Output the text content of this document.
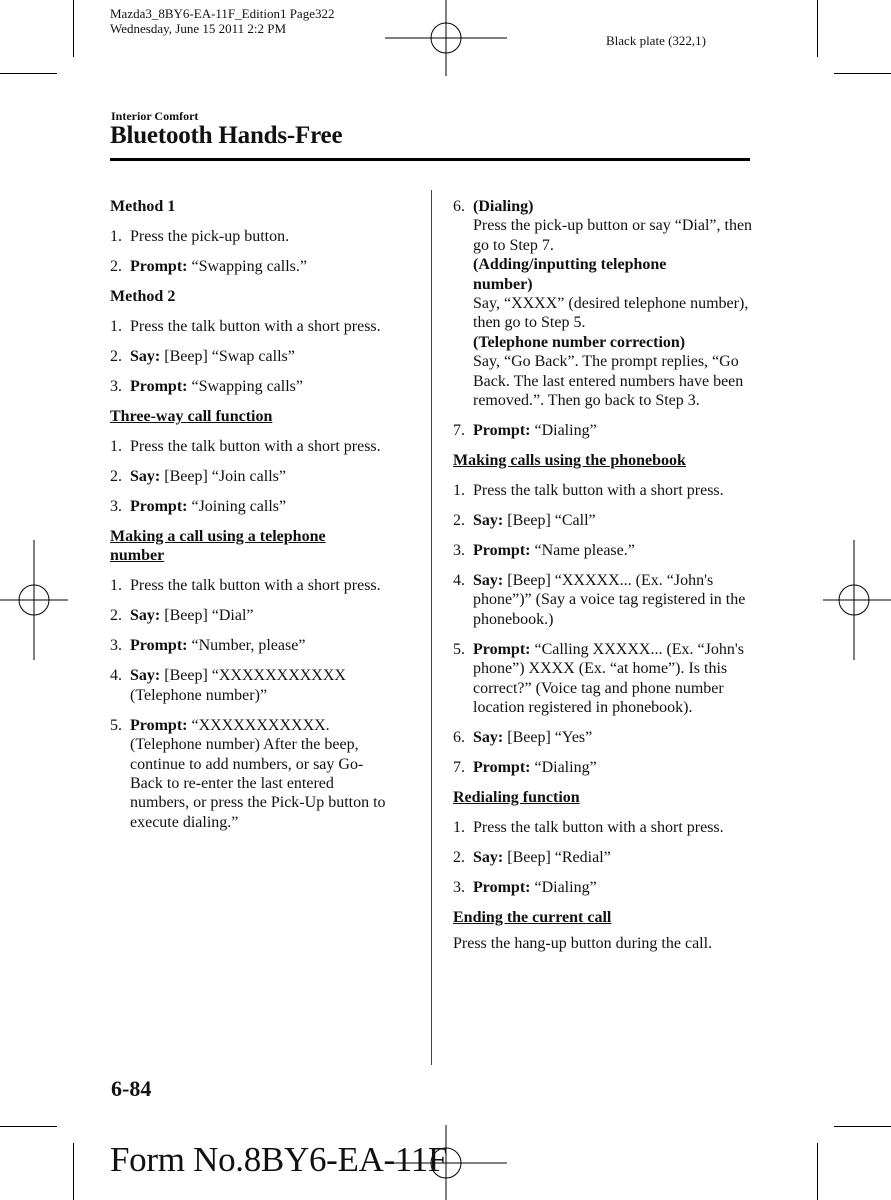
Mazda3_8BY6-EA-11F_Edition1 Page322
Wednesday, June 15 2011 2:2 PM
Black plate (322,1)
Interior Comfort
Bluetooth Hands-Free
Method 1
1. Press the pick-up button.
2. Prompt: “Swapping calls.”
Method 2
1. Press the talk button with a short press.
2. Say: [Beep] “Swap calls”
3. Prompt: “Swapping calls”
Three-way call function
1. Press the talk button with a short press.
2. Say: [Beep] “Join calls”
3. Prompt: “Joining calls”
Making a call using a telephone number
1. Press the talk button with a short press.
2. Say: [Beep] “Dial”
3. Prompt: “Number, please”
4. Say: [Beep] “XXXXXXXXXXX (Telephone number)”
5. Prompt: “XXXXXXXXXXX. (Telephone number) After the beep, continue to add numbers, or say Go-Back to re-enter the last entered numbers, or press the Pick-Up button to execute dialing.”
6. (Dialing)
Press the pick-up button or say “Dial”, then go to Step 7.
(Adding/inputting telephone number)
Say, “XXXX” (desired telephone number), then go to Step 5.
(Telephone number correction)
Say, “Go Back”. The prompt replies, “Go Back. The last entered numbers have been removed.”. Then go back to Step 3.
7. Prompt: “Dialing”
Making calls using the phonebook
1. Press the talk button with a short press.
2. Say: [Beep] “Call”
3. Prompt: “Name please.”
4. Say: [Beep] “XXXXX... (Ex. “John's phone”)” (Say a voice tag registered in the phonebook.)
5. Prompt: “Calling XXXXX... (Ex. “John's phone”) XXXX (Ex. “at home”). Is this correct?” (Voice tag and phone number location registered in phonebook).
6. Say: [Beep] “Yes”
7. Prompt: “Dialing”
Redialing function
1. Press the talk button with a short press.
2. Say: [Beep] “Redial”
3. Prompt: “Dialing”
Ending the current call
Press the hang-up button during the call.
6-84
Form No.8BY6-EA-11F
